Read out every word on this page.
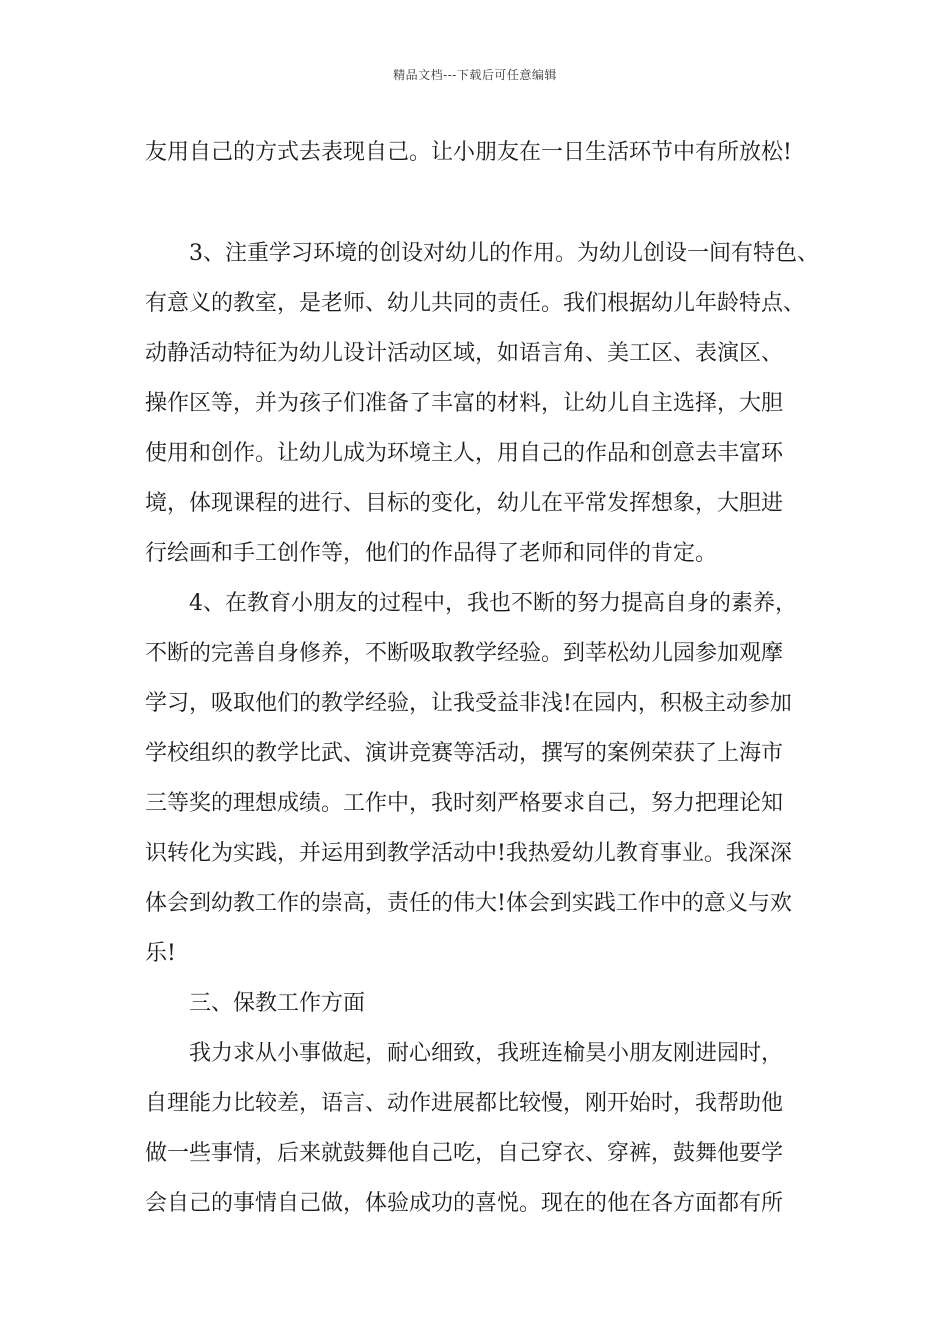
精品文档---下载后可任意编辑
友用自己的方式去表现自己。让小朋友在一日生活环节中有所放松!
3、注重学习环境的创设对幼儿的作用。为幼儿创设一间有特色、
有意义的教室，是老师、幼儿共同的责任。我们根据幼儿年龄特点、
动静活动特征为幼儿设计活动区域，如语言角、美工区、表演区、
操作区等，并为孩子们准备了丰富的材料，让幼儿自主选择，大胆
使用和创作。让幼儿成为环境主人，用自己的作品和创意去丰富环
境，体现课程的进行、目标的变化，幼儿在平常发挥想象，大胆进
行绘画和手工创作等，他们的作品得了老师和同伴的肯定。
4、在教育小朋友的过程中，我也不断的努力提高自身的素养，
不断的完善自身修养，不断吸取教学经验。到莘松幼儿园参加观摩
学习，吸取他们的教学经验，让我受益非浅!在园内，积极主动参加
学校组织的教学比武、演讲竞赛等活动，撰写的案例荣获了上海市
三等奖的理想成绩。工作中，我时刻严格要求自己，努力把理论知
识转化为实践，并运用到教学活动中!我热爱幼儿教育事业。我深深
体会到幼教工作的崇高，责任的伟大!体会到实践工作中的意义与欢
乐!
三、保教工作方面
我力求从小事做起，耐心细致，我班连榆昊小朋友刚进园时，
自理能力比较差，语言、动作进展都比较慢，刚开始时，我帮助他
做一些事情，后来就鼓舞他自己吃，自己穿衣、穿裤，鼓舞他要学
会自己的事情自己做，体验成功的喜悦。现在的他在各方面都有所
